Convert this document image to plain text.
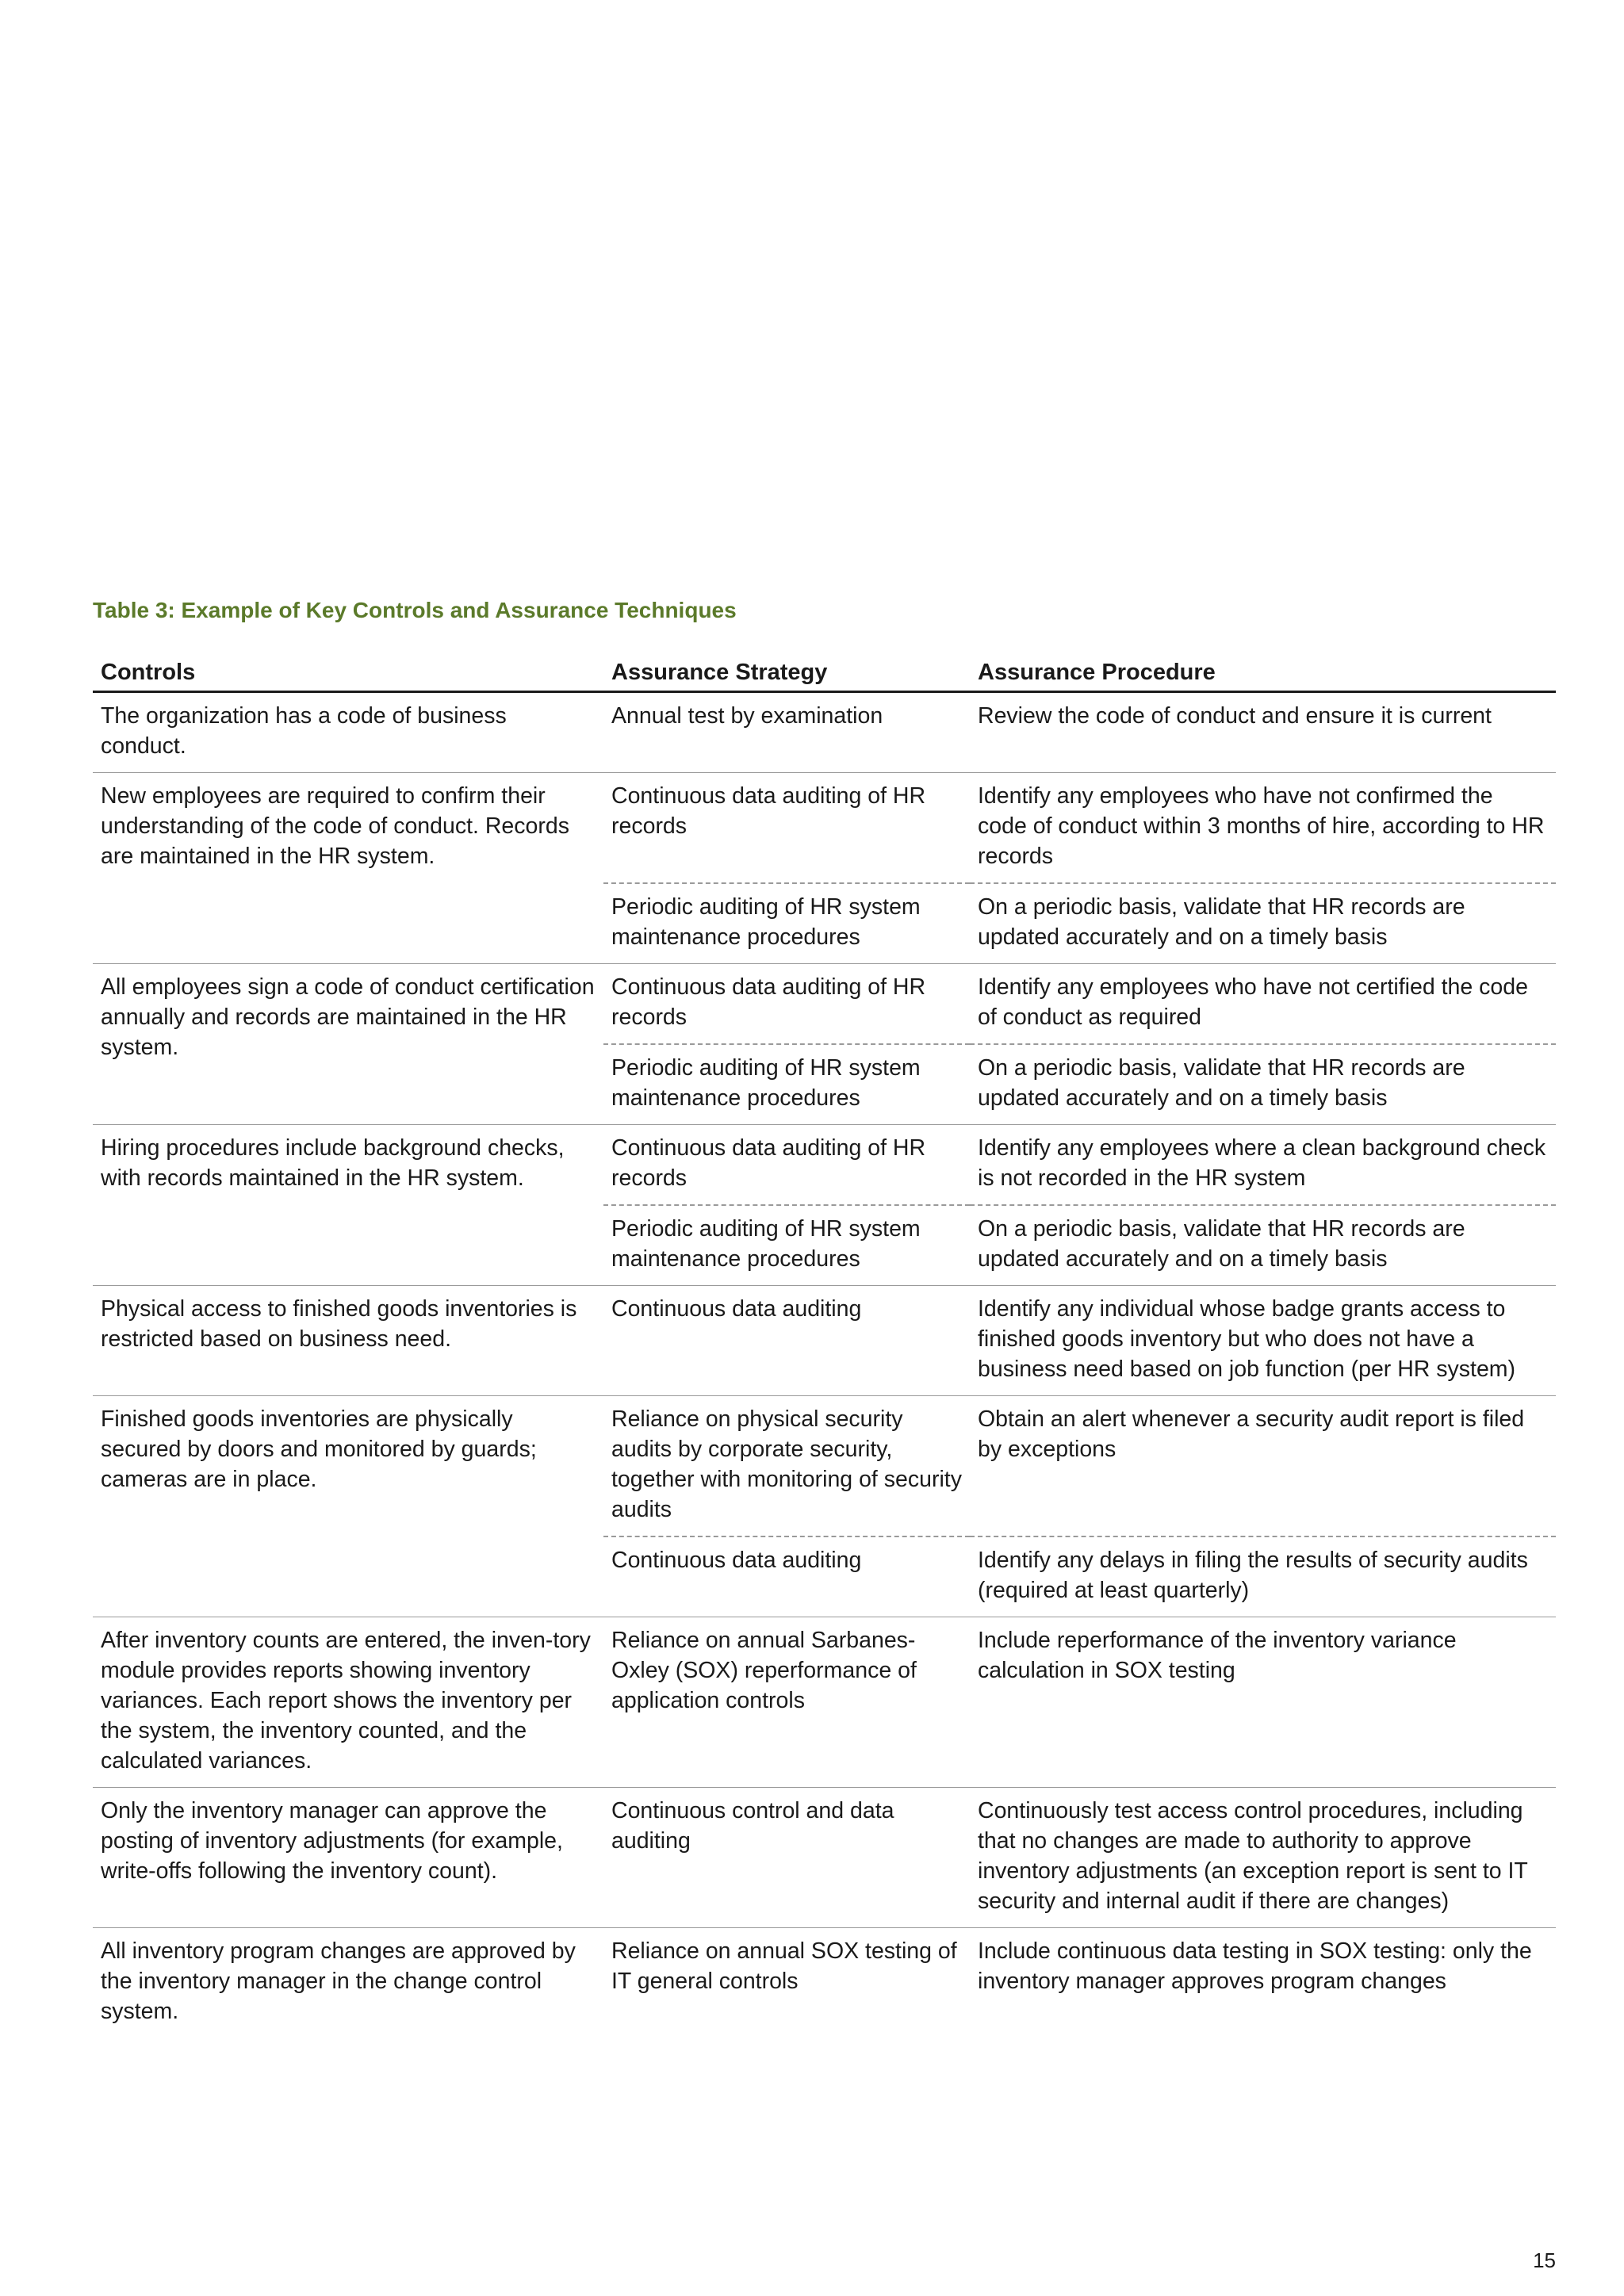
Table 3: Example of Key Controls and Assurance Techniques
Controls	Assurance Strategy	Assurance Procedure
The organization has a code of business conduct.	Annual test by examination	Review the code of conduct and ensure it is current
New employees are required to confirm their understanding of the code of conduct. Records are maintained in the HR system.	Continuous data auditing of HR records	Identify any employees who have not confirmed the code of conduct within 3 months of hire, according to HR records
	Periodic auditing of HR system maintenance procedures	On a periodic basis, validate that HR records are updated accurately and on a timely basis
All employees sign a code of conduct certification annually and records are maintained in the HR system.	Continuous data auditing of HR records	Identify any employees who have not certified the code of conduct as required
	Periodic auditing of HR system maintenance procedures	On a periodic basis, validate that HR records are updated accurately and on a timely basis
Hiring procedures include background checks, with records maintained in the HR system.	Continuous data auditing of HR records	Identify any employees where a clean background check is not recorded in the HR system
	Periodic auditing of HR system maintenance procedures	On a periodic basis, validate that HR records are updated accurately and on a timely basis
Physical access to finished goods inventories is restricted based on business need.	Continuous data auditing	Identify any individual whose badge grants access to finished goods inventory but who does not have a business need based on job function (per HR system)
Finished goods inventories are physically secured by doors and monitored by guards; cameras are in place.	Reliance on physical security audits by corporate security, together with monitoring of security audits	Obtain an alert whenever a security audit report is filed by exceptions
	Continuous data auditing	Identify any delays in filing the results of security audits (required at least quarterly)
After inventory counts are entered, the inven-tory module provides reports showing inventory variances. Each report shows the inventory per the system, the inventory counted, and the calculated variances.	Reliance on annual Sarbanes-Oxley (SOX) reperformance of application controls	Include reperformance of the inventory variance calculation in SOX testing
Only the inventory manager can approve the posting of inventory adjustments (for example, write-offs following the inventory count).	Continuous control and data auditing	Continuously test access control procedures, including that no changes are made to authority to approve inventory adjustments (an exception report is sent to IT security and internal audit if there are changes)
All inventory program changes are approved by the inventory manager in the change control system.	Reliance on annual SOX testing of IT general controls	Include continuous data testing in SOX testing: only the inventory manager approves program changes
15
